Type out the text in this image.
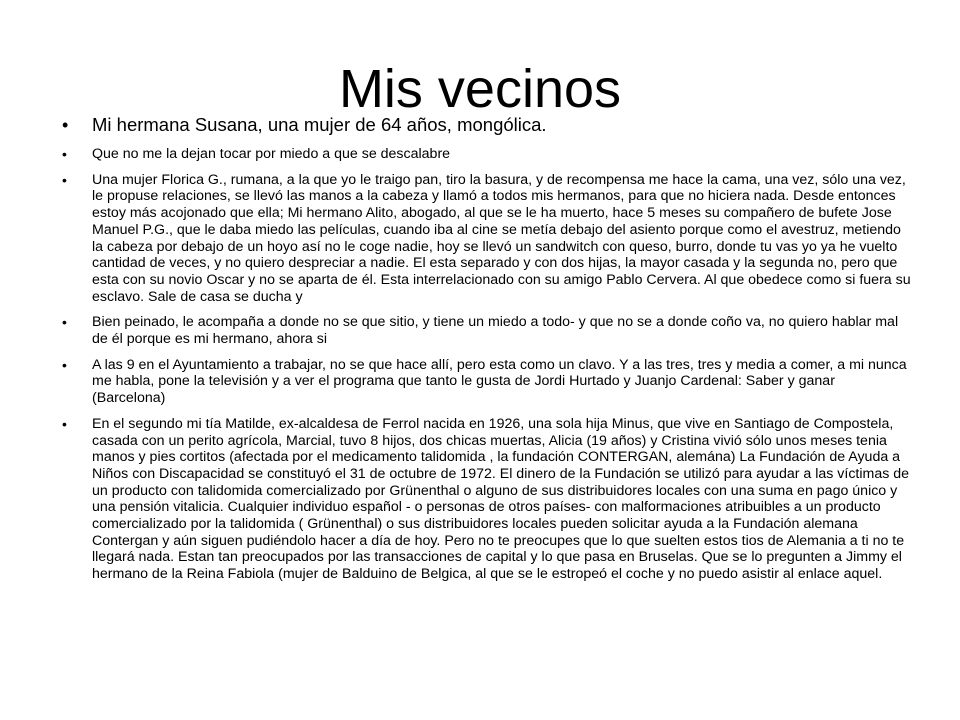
Mis vecinos
• Mi hermana Susana, una mujer de 64 años, mongólica.
• Que no me la dejan tocar por miedo a que se descalabre
• Una mujer Florica G., rumana, a la que yo le traigo pan, tiro la basura, y de recompensa me hace la cama, una vez, sólo una vez, le propuse relaciones, se llevó las manos a la cabeza y llamó a todos mis hermanos, para que no hiciera nada. Desde entonces estoy más acojonado que ella; Mi hermano Alito, abogado, al que se le ha muerto, hace 5 meses su compañero de bufete Jose Manuel P.G., que le daba miedo las películas, cuando iba al cine se metía debajo del asiento porque como el avestruz, metiendo la cabeza por debajo de un hoyo así no le coge nadie, hoy se llevó un sandwitch con queso, burro, donde tu vas yo ya he vuelto cantidad de veces, y no quiero despreciar a nadie. El esta separado y con dos hijas, la mayor casada y la segunda no, pero que esta con su novio Oscar y no se aparta de él. Esta interrelacionado con su amigo Pablo Cervera. Al que obedece como si fuera su esclavo. Sale de casa se ducha y
• Bien peinado, le acompaña a donde no se que sitio, y tiene un miedo a todo- y que no se a donde coño va, no quiero hablar mal de él porque es mi hermano, ahora si
• A las 9 en el Ayuntamiento a trabajar, no se que hace allí, pero esta como un clavo. Y a las tres, tres y media a comer, a mi nunca me habla, pone la televisión y a ver el programa que tanto le gusta de Jordi Hurtado y Juanjo Cardenal: Saber y ganar (Barcelona)
• En el segundo mi tía Matilde, ex-alcaldesa de Ferrol nacida en 1926, una sola hija Minus, que vive en Santiago de Compostela, casada con un perito agrícola, Marcial, tuvo 8 hijos, dos chicas muertas, Alicia (19 años) y Cristina vivió sólo unos meses tenia manos y pies cortitos (afectada por el medicamento talidomida , la fundación CONTERGAN, alemána) La Fundación de Ayuda a Niños con Discapacidad se constituyó el 31 de octubre de 1972. El dinero de la Fundación se utilizó para ayudar a las víctimas de un producto con talidomida comercializado por Grünenthal o alguno de sus distribuidores locales con una suma en pago único y una pensión vitalicia. Cualquier individuo español - o personas de otros países- con malformaciones atribuibles a un producto comercializado por la talidomida ( Grünenthal) o sus distribuidores locales pueden solicitar ayuda a la Fundación alemana Contergan y aún siguen pudiéndolo hacer a día de hoy. Pero no te preocupes que lo que suelten estos tios de Alemania a ti no te llegará nada. Estan tan preocupados por las transacciones de capital y lo que pasa en Bruselas. Que se lo pregunten a Jimmy el hermano de la Reina Fabiola (mujer de Balduino de Belgica, al que se le estropeó el coche y no puedo asistir al enlace aquel.
